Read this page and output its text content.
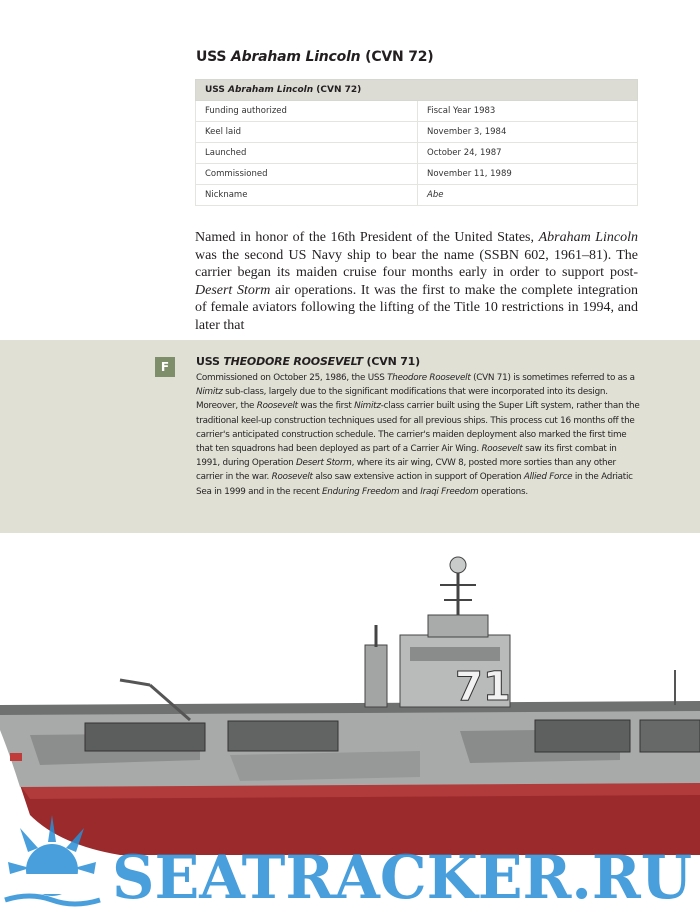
USS Abraham Lincoln (CVN 72)
USS Abraham Lincoln (CVN 72)	
Funding authorized	Fiscal Year 1983
Keel laid	November 3, 1984
Launched	October 24, 1987
Commissioned	November 11, 1989
Nickname	Abe

Named in honor of the 16th President of the United States, Abraham Lincoln was the second US Navy ship to bear the name (SSBN 602, 1961–81). The carrier began its maiden cruise four months early in order to support post-Desert Storm air operations. It was the first to make the complete integration of female aviators following the lifting of the Title 10 restrictions in 1994, and later that

F	USS THEODORE ROOSEVELT (CVN 71)

Commissioned on October 25, 1986, the USS Theodore Roosevelt (CVN 71) is sometimes referred to as a Nimitz sub-class, largely due to the significant modifications that were incorporated into its design. Moreover, the Roosevelt was the first Nimitz-class carrier built using the Super Lift system, rather than the traditional keel-up construction techniques used for all previous ships. This process cut 16 months off the carrier's anticipated construction schedule. The carrier's maiden deployment also marked the first time that ten squadrons had been deployed as part of a Carrier Air Wing. Roosevelt saw its first combat in 1991, during Operation Desert Storm, where its air wing, CVW 8, posted more sorties than any other carrier in the war. Roosevelt also saw extensive action in support of Operation Allied Force in the Adriatic Sea in 1999 and in the recent Enduring Freedom and Iraqi Freedom operations.

71
SEATRACKER.RU
